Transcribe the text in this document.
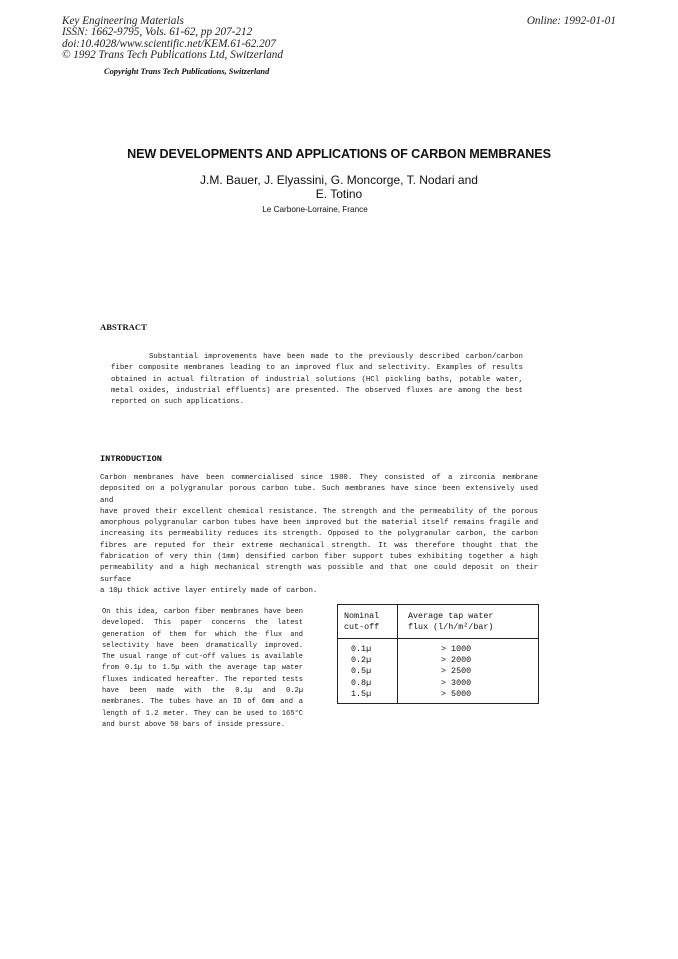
Key Engineering Materials
ISSN: 1662-9795, Vols. 61-62, pp 207-212
doi:10.4028/www.scientific.net/KEM.61-62.207
© 1992 Trans Tech Publications Ltd, Switzerland
Copyright Trans Tech Publications, Switzerland
Online: 1992-01-01
NEW DEVELOPMENTS AND APPLICATIONS OF CARBON MEMBRANES
J.M. Bauer, J. Elyassini, G. Moncorge, T. Nodari and
E. Totino
Le Carbone-Lorraine, France
ABSTRACT
Substantial improvements have been made to the previously described carbon/carbon
fiber composite membranes leading to an improved flux and selectivity. Examples of results
obtained in actual filtration of industrial solutions (HCl pickling baths, potable water,
metal oxides, industrial effluents) are presented. The observed fluxes are among the best
reported on such applications.
INTRODUCTION
Carbon membranes have been commercialised since 1980. They consisted of a zirconia membrane
deposited on a polygranular porous carbon tube. Such membranes have since been extensively used and
have proved their excellent chemical resistance. The strength and the permeability of the porous
amorphous polygranular carbon tubes have been improved but the material itself remains fragile and
increasing its permeability reduces its strength. Opposed to the polygranular carbon, the carbon
fibres are reputed for their extreme mechanical strength. It was therefore thought that the
fabrication of very thin (1mm) densified carbon fiber support tubes exhibiting together a high
permeability and a high mechanical strength was possible and that one could deposit on their surface
a 10µ thick active layer entirely made of carbon.
On this idea, carbon fiber membranes have been
developed. This paper concerns the latest
generation of them for which the flux and
selectivity have been dramatically improved.
The usual range of cut-off values is available
from 0.1µ to 1.5µ with the average tap water
fluxes indicated hereafter. The reported tests
have been made with the 0.1µ and 0.2µ
membranes. The tubes have an ID of 6mm and a
length of 1.2 meter. They can be used to 165°C
and burst above 50 bars of inside pressure.
Nominal
cut-off
Average tap water
flux (l/h/m²/bar)
0.1µ
0.2µ
0.5µ
0.8µ
1.5µ
> 1000
> 2000
> 2500
> 3000
> 5000
